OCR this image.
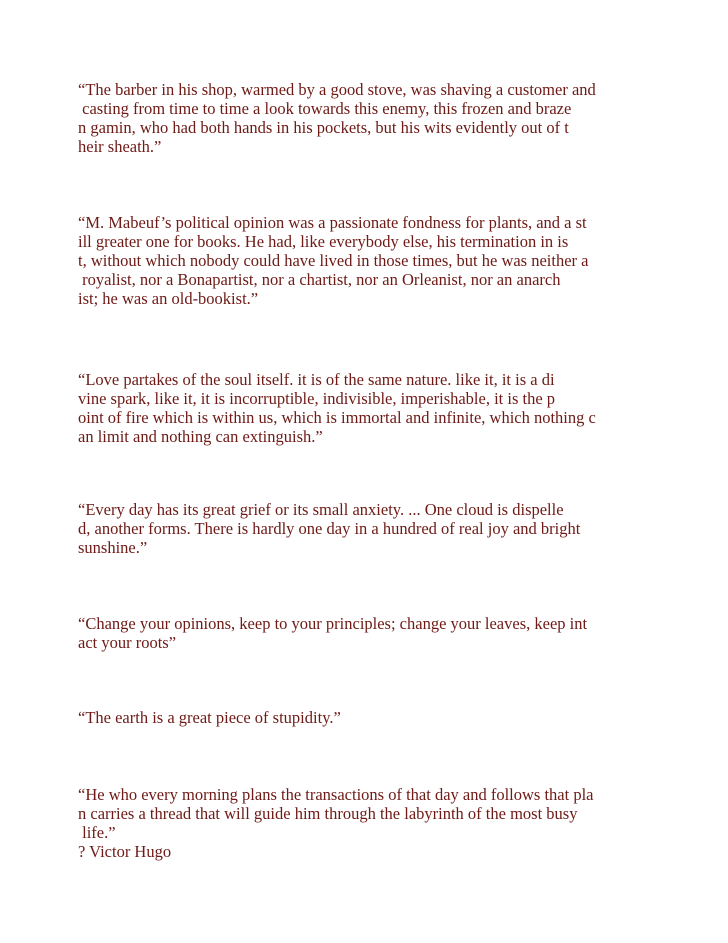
“The barber in his shop, warmed by a good stove, was shaving a customer and
casting from time to time a look towards this enemy, this frozen and braze
n gamin, who had both hands in his pockets, but his wits evidently out of t
heir sheath.”
“M. Mabeuf’s political opinion was a passionate fondness for plants, and a st
ill greater one for books. He had, like everybody else, his termination in is
t, without which nobody could have lived in those times, but he was neither a
royalist, nor a Bonapartist, nor a chartist, nor an Orleanist, nor an anarch
ist; he was an old-bookist.”
“Love partakes of the soul itself. it is of the same nature. like it, it is a di
vine spark, like it, it is incorruptible, indivisible, imperishable, it is the p
oint of fire which is within us, which is immortal and infinite, which nothing c
an limit and nothing can extinguish.”
“Every day has its great grief or its small anxiety. ... One cloud is dispelle
d, another forms. There is hardly one day in a hundred of real joy and bright
sunshine.”
“Change your opinions, keep to your principles; change your leaves, keep int
act your roots”
“The earth is a great piece of stupidity.”
“He who every morning plans the transactions of that day and follows that pla
n carries a thread that will guide him through the labyrinth of the most busy
life.”
? Victor Hugo
